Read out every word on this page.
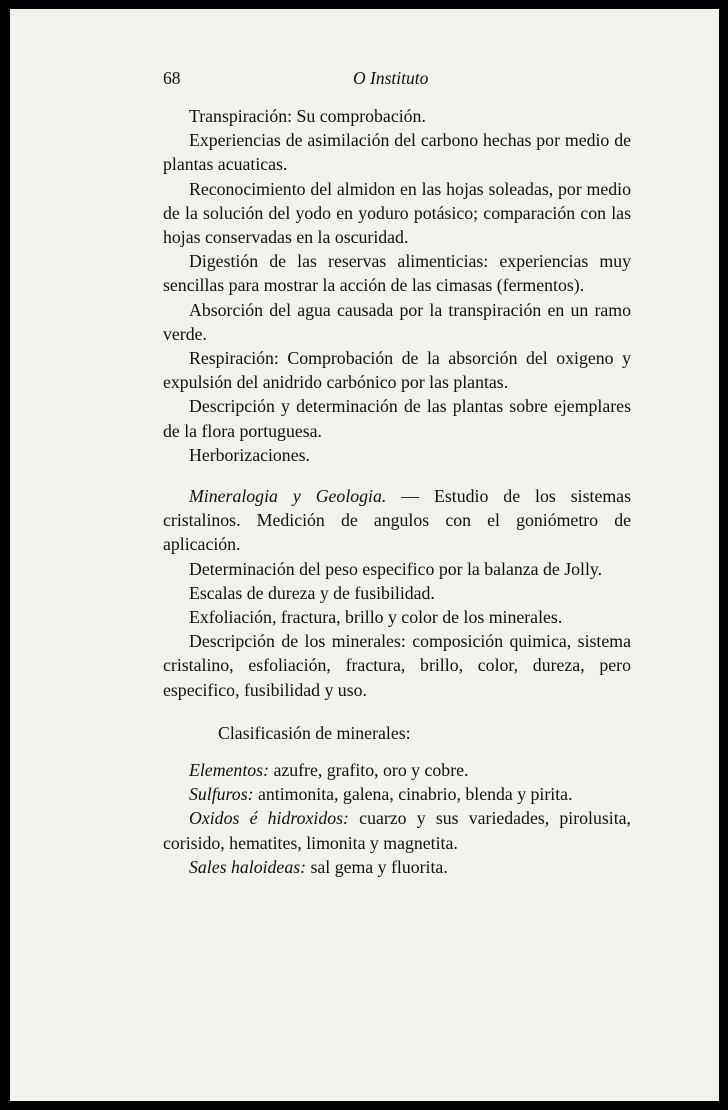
68	O Instituto

Transpiración: Su comprobación.

Experiencias de asimilación del carbono hechas por medio de plantas acuaticas.

Reconocimiento del almidon en las hojas soleadas, por medio de la solución del yodo en yoduro potásico; comparación con las hojas conservadas en la oscuridad.

Digestión de las reservas alimenticias: experiencias muy sencillas para mostrar la acción de las cimasas (fermentos).

Absorción del agua causada por la transpiración en un ramo verde.

Respiración: Comprobación de la absorción del oxigeno y expulsión del anidrido carbónico por las plantas.

Descripción y determinación de las plantas sobre ejemplares de la flora portuguesa.

Herborizaciones.

Mineralogia y Geologia. — Estudio de los sistemas cristalinos. Medición de angulos con el goniómetro de aplicación.

Determinación del peso especifico por la balanza de Jolly.

Escalas de dureza y de fusibilidad.

Exfoliación, fractura, brillo y color de los minerales.

Descripción de los minerales: composición quimica, sistema cristalino, esfoliación, fractura, brillo, color, dureza, pero especifico, fusibilidad y uso.

Clasificasión de minerales:

Elementos: azufre, grafito, oro y cobre.

Sulfuros: antimonita, galena, cinabrio, blenda y pirita.

Oxidos é hidroxidos: cuarzo y sus variedades, pirolusita, corisido, hematites, limonita y magnetita.

Sales haloideas: sal gema y fluorita.
